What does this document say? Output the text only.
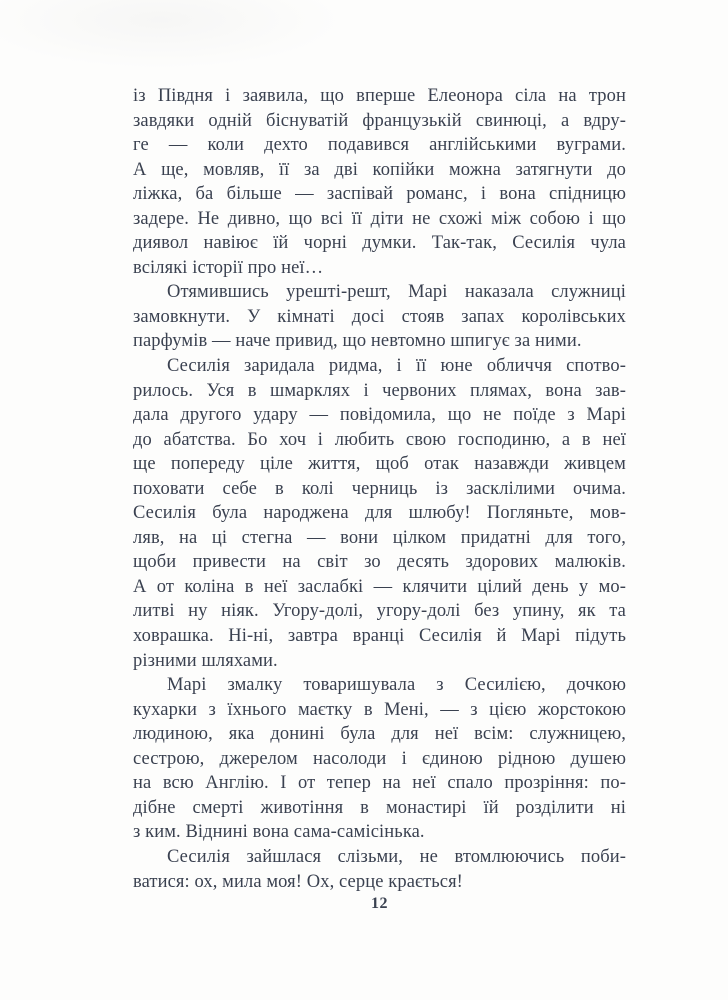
із Півдня і заявила, що вперше Елеонора сіла на трон
завдяки одній біснуватій французькій свинюці, а вдру-
ге — коли дехто подавився англійськими вуграми.
А ще, мовляв, її за дві копійки можна затягнути до
ліжка, ба більше — заспівай романс, і вона спідницю
задере. Не дивно, що всі її діти не схожі між собою і що
диявол навіює їй чорні думки. Так-так, Сесилія чула
всілякі історії про неї…
Отямившись урешті-решт, Марі наказала служниці
замовкнути. У кімнаті досі стояв запах королівських
парфумів — наче привид, що невтомно шпигує за ними.
Сесилія заридала ридма, і її юне обличчя спотво-
рилось. Уся в шмарклях і червоних плямах, вона зав-
дала другого удару — повідомила, що не поїде з Марі
до абатства. Бо хоч і любить свою господиню, а в неї
ще попереду ціле життя, щоб отак назавжди живцем
поховати себе в колі черниць із засклілими очима.
Сесилія була народжена для шлюбу! Погляньте, мов-
ляв, на ці стегна — вони цілком придатні для того,
щоби привести на світ зо десять здорових малюків.
А от коліна в неї заслабкі — клячити цілий день у мо-
литві ну ніяк. Угору-долі, угору-долі без упину, як та
ховрашка. Ні-ні, завтра вранці Сесилія й Марі підуть
різними шляхами.
Марі змалку товаришувала з Сесилією, дочкою
кухарки з їхнього маєтку в Мені, — з цією жорстокою
людиною, яка донині була для неї всім: служницею,
сестрою, джерелом насолоди і єдиною рідною душею
на всю Англію. І от тепер на неї спало прозріння: по-
дібне смерті животіння в монастирі їй розділити ні
з ким. Віднині вона сама-самісінька.
Сесилія зайшлася слізьми, не втомлюючись поби-
ватися: ох, мила моя! Ох, серце крається!
12
